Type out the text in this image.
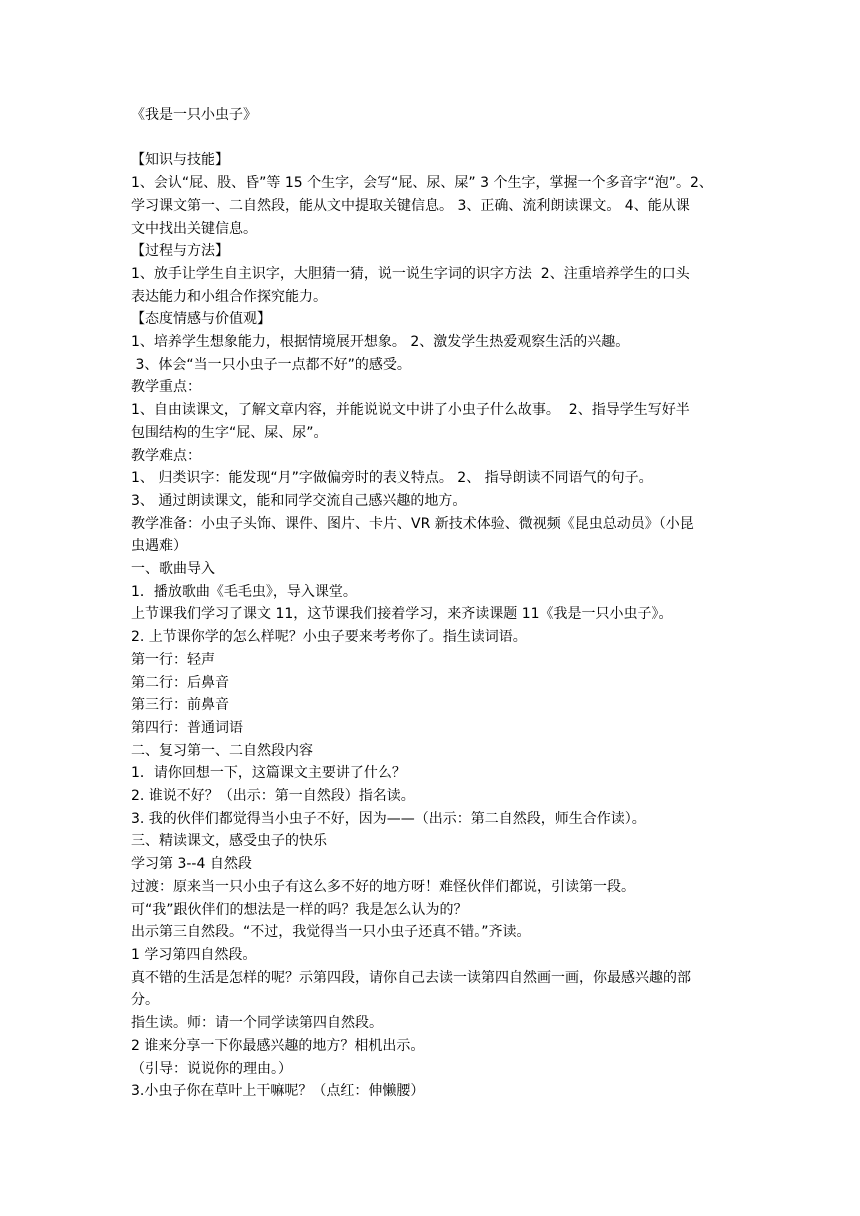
《我是一只小虫子》
【知识与技能】
1、会认“屁、股、昏”等 15 个生字，会写“屁、尿、屎” 3 个生字，掌握一个多音字“泡”。2、
学习课文第一、二自然段，能从文中提取关键信息。 3、正确、流利朗读课文。 4、能从课
文中找出关键信息。
【过程与方法】
1、放手让学生自主识字，大胆猜一猜，说一说生字词的识字方法  2、注重培养学生的口头
表达能力和小组合作探究能力。
【态度情感与价值观】
1、培养学生想象能力，根据情境展开想象。 2、激发学生热爱观察生活的兴趣。
3、体会“当一只小虫子一点都不好”的感受。
教学重点：
1、自由读课文，了解文章内容，并能说说文中讲了小虫子什么故事。  2、指导学生写好半
包围结构的生字“屁、屎、尿”。
教学难点：
1、 归类识字：能发现“月”字做偏旁时的表义特点。 2、 指导朗读不同语气的句子。
3、 通过朗读课文，能和同学交流自己感兴趣的地方。
教学准备：小虫子头饰、课件、图片、卡片、VR 新技术体验、微视频《昆虫总动员》（小昆
虫遇难）
一、歌曲导入
1．播放歌曲《毛毛虫》，导入课堂。
上节课我们学习了课文 11，这节课我们接着学习，来齐读课题 11《我是一只小虫子》。
2. 上节课你学的怎么样呢？小虫子要来考考你了。指生读词语。
第一行：轻声
第二行：后鼻音
第三行：前鼻音
第四行：普通词语
二、复习第一、二自然段内容
1．请你回想一下，这篇课文主要讲了什么？
2. 谁说不好？（出示：第一自然段）指名读。
3. 我的伙伴们都觉得当小虫子不好，因为——（出示：第二自然段，师生合作读）。
三、精读课文，感受虫子的快乐
学习第 3--4 自然段
过渡：原来当一只小虫子有这么多不好的地方呀！难怪伙伴们都说，引读第一段。
可“我”跟伙伴们的想法是一样的吗？我是怎么认为的？
出示第三自然段。“不过，我觉得当一只小虫子还真不错。”齐读。
1 学习第四自然段。
真不错的生活是怎样的呢？示第四段，请你自己去读一读第四自然画一画，你最感兴趣的部
分。
指生读。师：请一个同学读第四自然段。
2 谁来分享一下你最感兴趣的地方？相机出示。
（引导：说说你的理由。）
3.小虫子你在草叶上干嘛呢？（点红：伸懒腰）
